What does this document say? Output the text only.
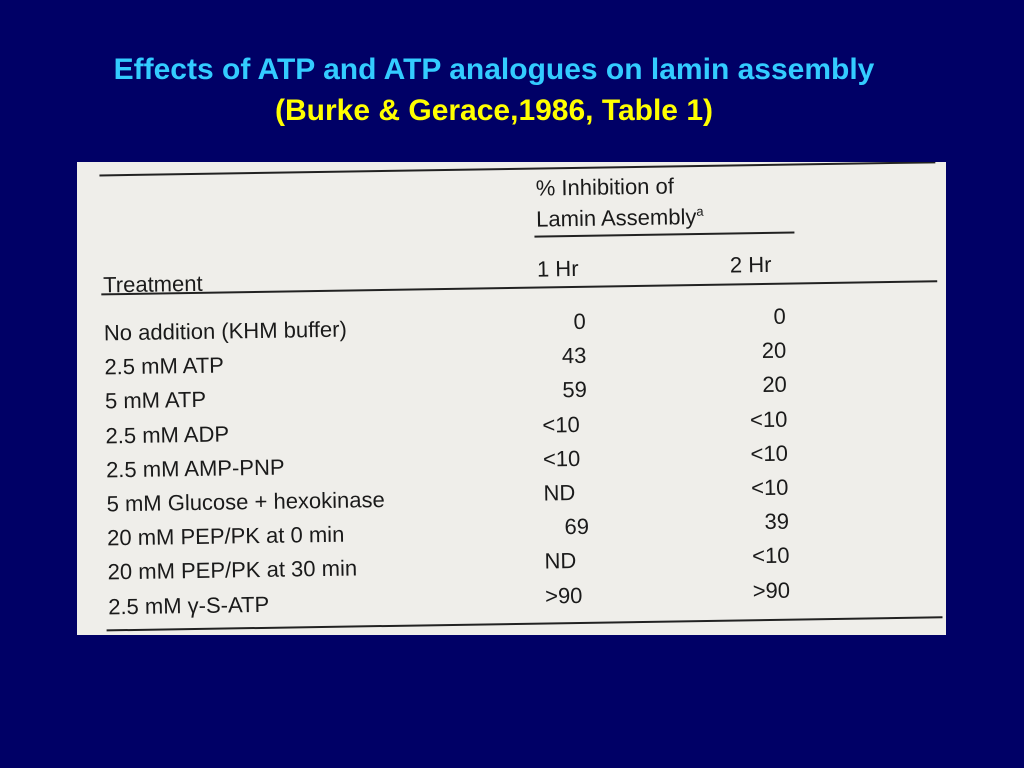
Effects of ATP and ATP analogues on lamin assembly
(Burke & Gerace,1986, Table 1)
% Inhibition of
Lamin Assembly$^a$
Treatment
1 Hr	2 Hr
No addition (KHM buffer)	0	0
2.5 mM ATP	43	20
5 mM ATP	59	20
2.5 mM ADP	<10	<10
2.5 mM AMP-PNP	<10	<10
5 mM Glucose + hexokinase	ND	<10
20 mM PEP/PK at 0 min	69	39
20 mM PEP/PK at 30 min	ND	<10
2.5 mM γ-S-ATP	>90	>90
